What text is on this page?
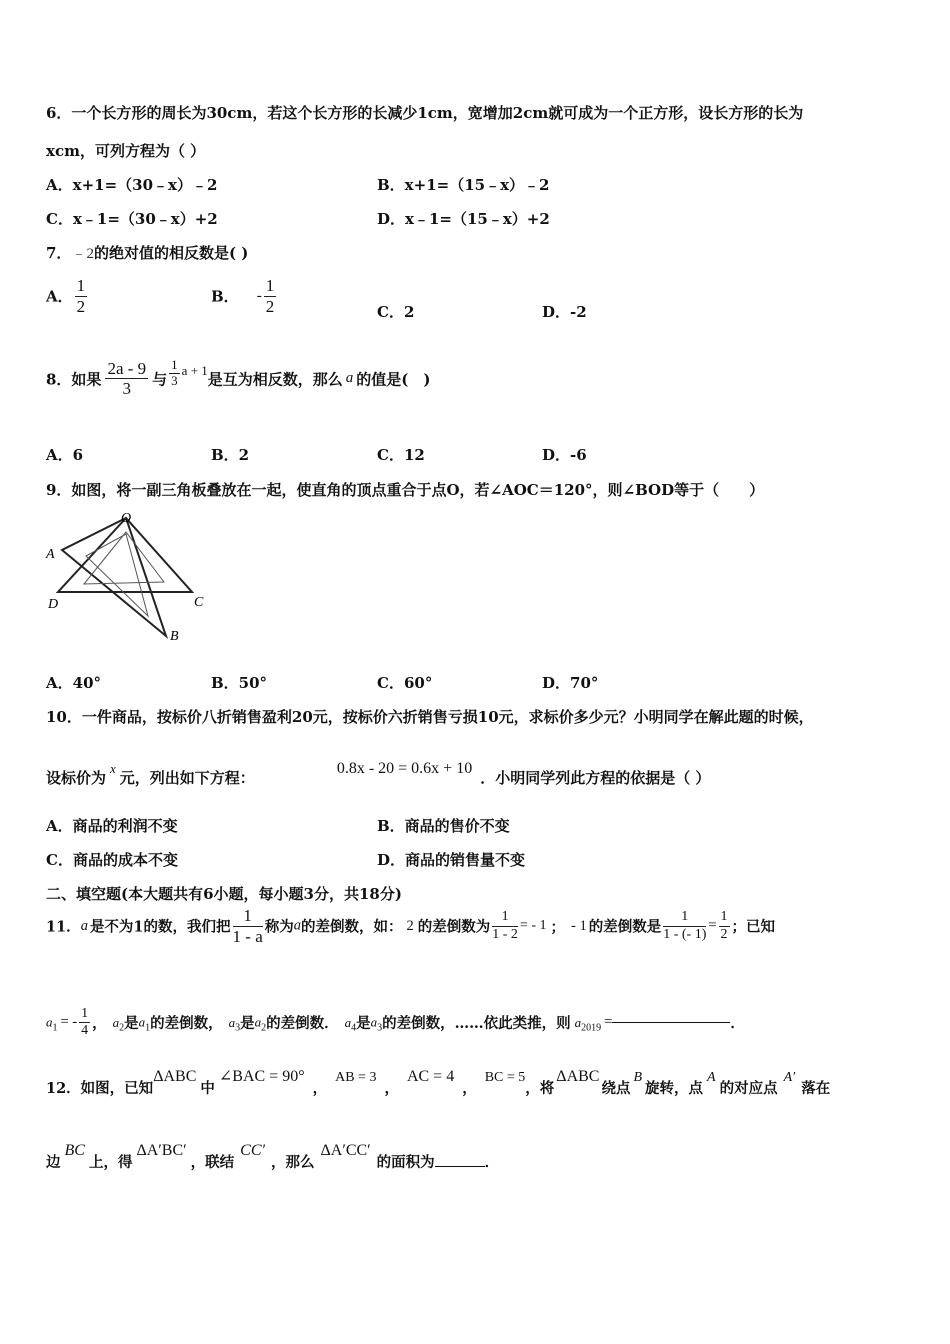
6．一个长方形的周长为30cm，若这个长方形的长减少1cm，宽增加2cm就可成为一个正方形，设长方形的长为
xcm，可列方程为（ ）
A．x+1=（30﹣x）﹣2	B．x+1=（15﹣x）﹣2
C．x﹣1=（30﹣x）+2	D．x﹣1=（15﹣x）+2
7．﹣2的绝对值的相反数是( )
A． $\frac{1}{2}$	B． - $\frac{1}{2}$	C．2	D．-2
8．如果 $\frac{2a - 9}{3}$ 与 $\frac{1}{3}$ a + 1是互为相反数，那么 a 的值是(　)
A．6	B．2	C．12	D．-6
9．如图，将一副三角板叠放在一起，使直角的顶点重合于点O，若∠AOC＝120°，则∠BOD等于（　　）
O
A
D	C
B
A．40°	B．50°	C．60°	D．70°
10．一件商品，按标价八折销售盈利20元，按标价六折销售亏损10元，求标价多少元？小明同学在解此题的时候，
设标价为x元，列出如下方程：0.8x - 20 = 0.6x + 10．小明同学列此方程的依据是（ ）
A．商品的利润不变	B．商品的售价不变
C．商品的成本不变	D．商品的销售量不变
二、填空题(本大题共有6小题，每小题3分，共18分)
11．a 是不为1的数，我们把 $\frac{1}{1 - a}$ 称为a的差倒数，如： 2 的差倒数为 $\frac{1}{1 - 2}$ = - 1 ； - 1 的差倒数是 $\frac{1}{1 - (- 1)} = \frac{1}{2}$ ；已知
$a_1$ = - $\frac{1}{4}$ ， $a_2$是$a_1$的差倒数， $a_3$是$a_2$的差倒数． $a_4$是$a_3$的差倒数，……依此类推，则 $a_{2019}$ =	．
12．如图，已知ΔABC中∠BAC = 90°，AB = 3，AC = 4，BC = 5，将ΔABC绕点B旋转，点A的对应点A′落在
边BC上，得ΔA′BC′，联结CC′，那么ΔA′CC′的面积为	．
